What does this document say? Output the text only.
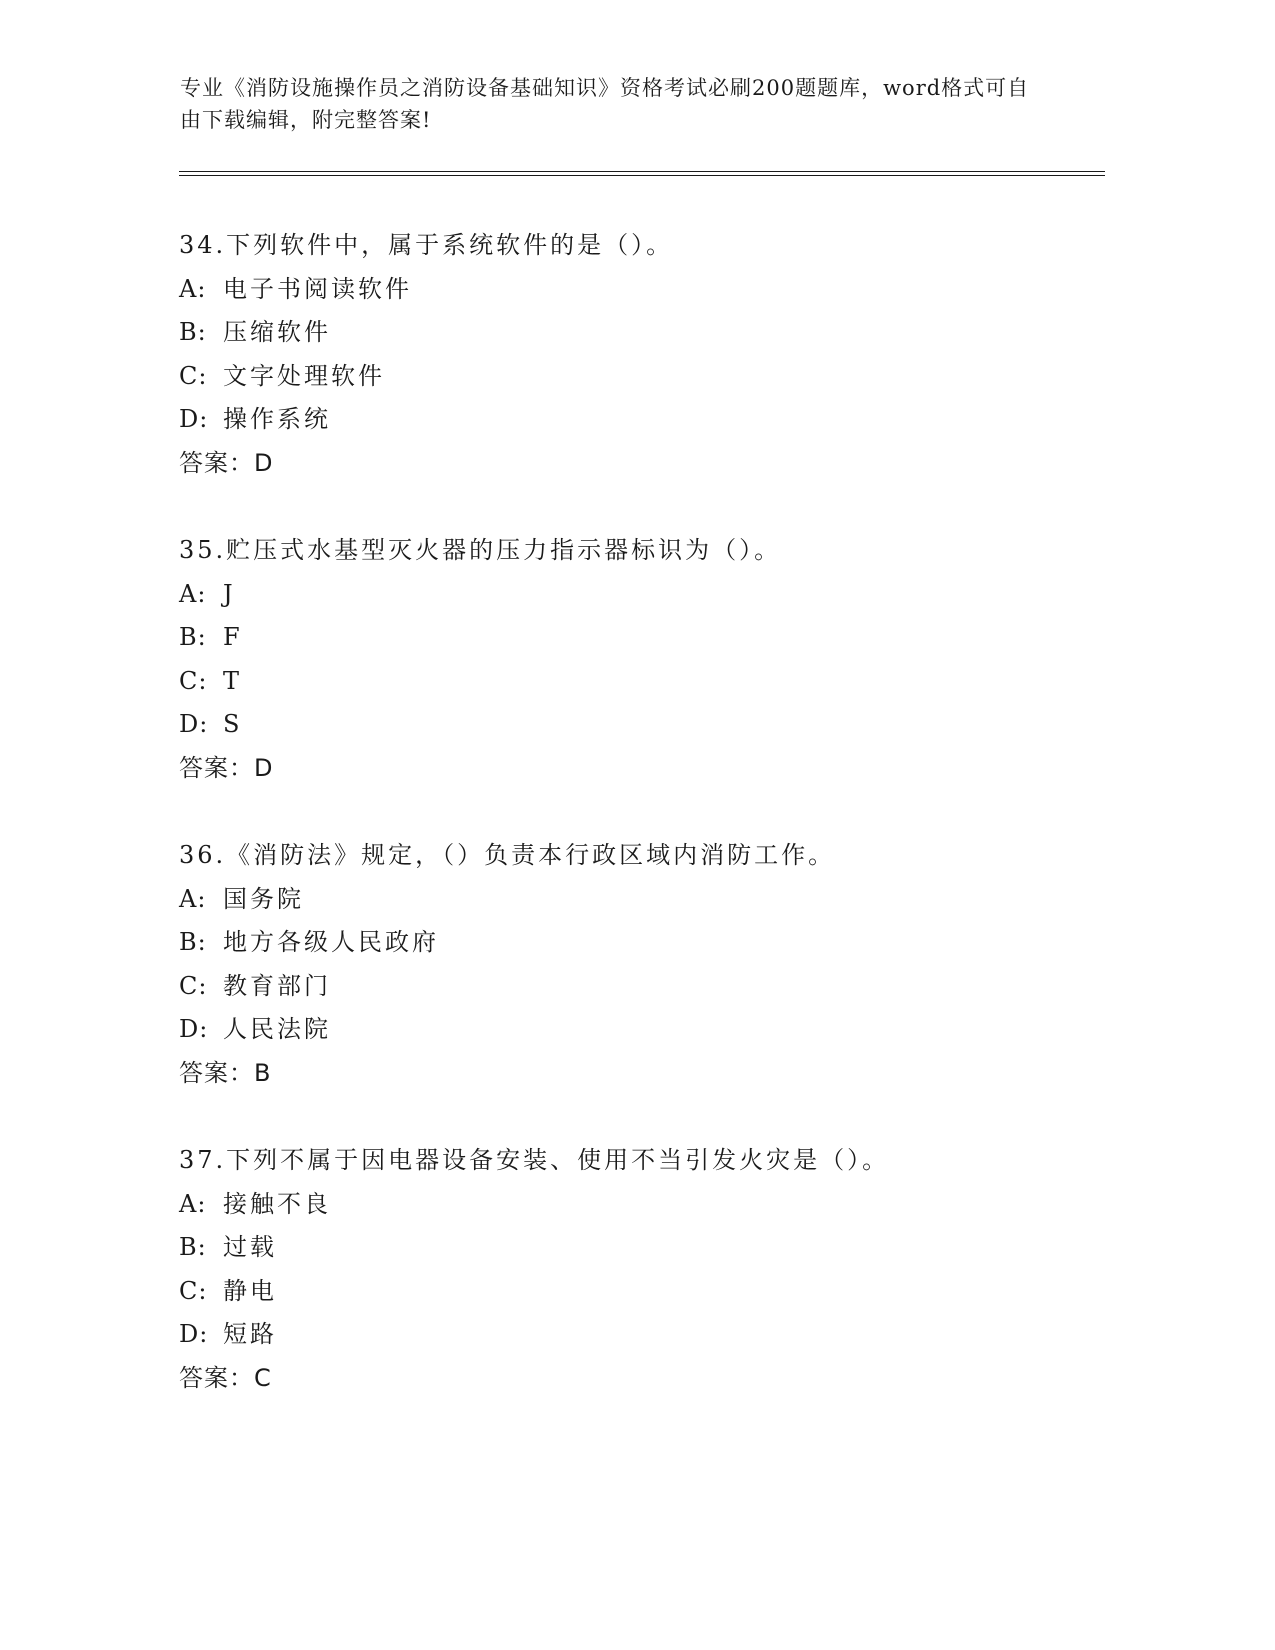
专业《消防设施操作员之消防设备基础知识》资格考试必刷200题题库，word格式可自由下载编辑，附完整答案!
34.下列软件中，属于系统软件的是（）。
A: 电子书阅读软件
B: 压缩软件
C: 文字处理软件
D: 操作系统
答案：D
35.贮压式水基型灭火器的压力指示器标识为（）。
A: J
B: F
C: T
D: S
答案：D
36.《消防法》规定，（）负责本行政区域内消防工作。
A: 国务院
B: 地方各级人民政府
C: 教育部门
D: 人民法院
答案：B
37.下列不属于因电器设备安装、使用不当引发火灾是（）。
A: 接触不良
B: 过载
C: 静电
D: 短路
答案：C
